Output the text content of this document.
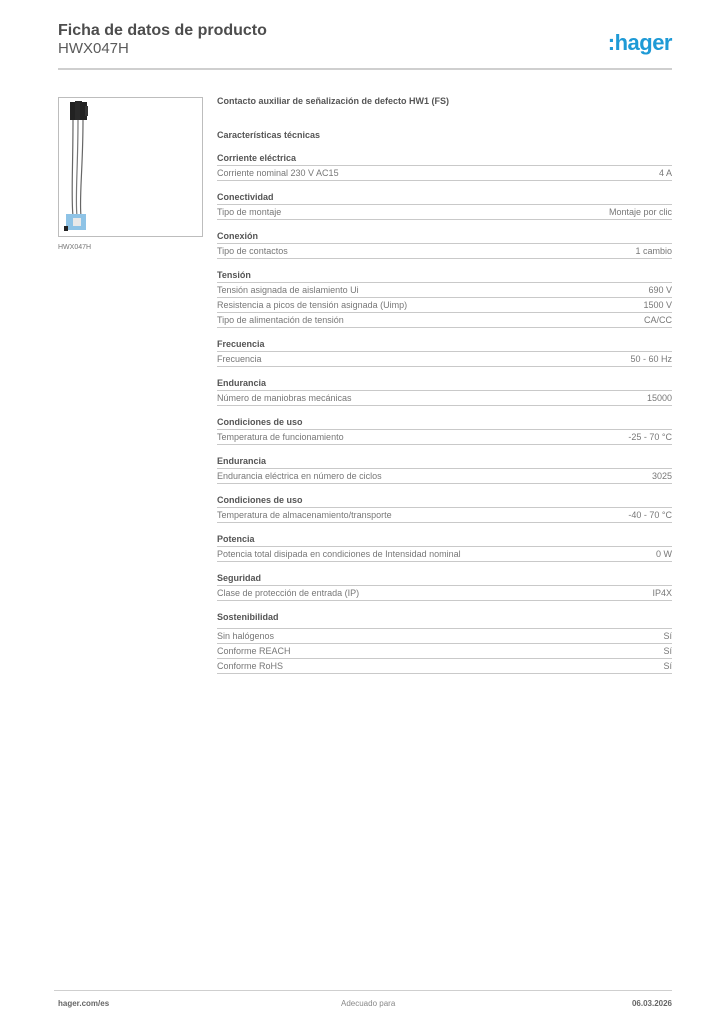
Ficha de datos de producto
HWX047H	:hager
HWX047H
Contacto auxiliar de señalización de defecto HW1 (FS)
Características técnicas
Corriente eléctrica
Corriente nominal 230 V AC15	4 A
Conectividad
Tipo de montaje	Montaje por clic
Conexión
Tipo de contactos	1 cambio
Tensión
Tensión asignada de aislamiento Ui	690 V
Resistencia a picos de tensión asignada (Uimp)	1500 V
Tipo de alimentación de tensión	CA/CC
Frecuencia
Frecuencia	50 - 60 Hz
Endurancia
Número de maniobras mecánicas	15000
Condiciones de uso
Temperatura de funcionamiento	-25 - 70 °C
Endurancia
Endurancia eléctrica en número de ciclos	3025
Condiciones de uso
Temperatura de almacenamiento/transporte	-40 - 70 °C
Potencia
Potencia total disipada en condiciones de Intensidad nominal	0 W
Seguridad
Clase de protección de entrada (IP)	IP4X
Sostenibilidad
Sin halógenos	Sí
Conforme REACH	Sí
Conforme RoHS	Sí
hager.com/es	Adecuado para	06.03.2026
